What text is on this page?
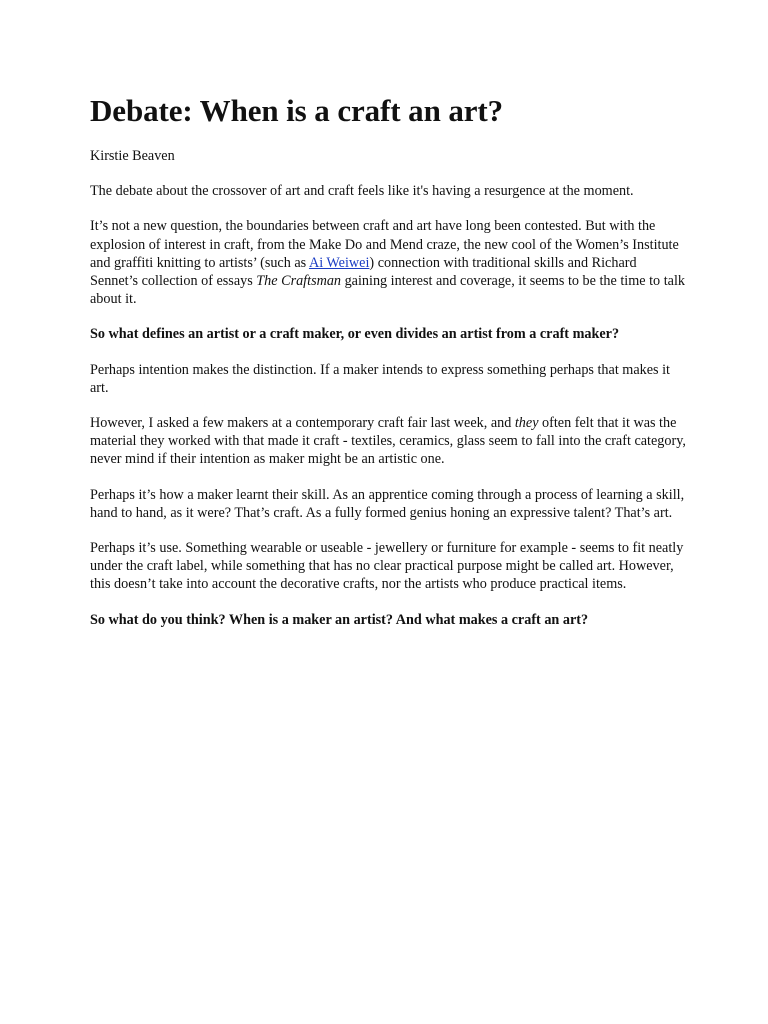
Debate: When is a craft an art?
Kirstie Beaven

The debate about the crossover of art and craft feels like it's having a resurgence at the moment.

It’s not a new question, the boundaries between craft and art have long been contested. But with the explosion of interest in craft, from the Make Do and Mend craze, the new cool of the Women’s Institute and graffiti knitting to artists’ (such as Ai Weiwei) connection with traditional skills and Richard Sennet’s collection of essays The Craftsman gaining interest and coverage, it seems to be the time to talk about it.

So what defines an artist or a craft maker, or even divides an artist from a craft maker?

Perhaps intention makes the distinction. If a maker intends to express something perhaps that makes it art.

However, I asked a few makers at a contemporary craft fair last week, and they often felt that it was the material they worked with that made it craft - textiles, ceramics, glass seem to fall into the craft category, never mind if their intention as maker might be an artistic one.

Perhaps it’s how a maker learnt their skill. As an apprentice coming through a process of learning a skill, hand to hand, as it were? That’s craft. As a fully formed genius honing an expressive talent? That’s art.

Perhaps it’s use. Something wearable or useable - jewellery or furniture for example - seems to fit neatly under the craft label, while something that has no clear practical purpose might be called art. However, this doesn’t take into account the decorative crafts, nor the artists who produce practical items.

So what do you think? When is a maker an artist? And what makes a craft an art?
